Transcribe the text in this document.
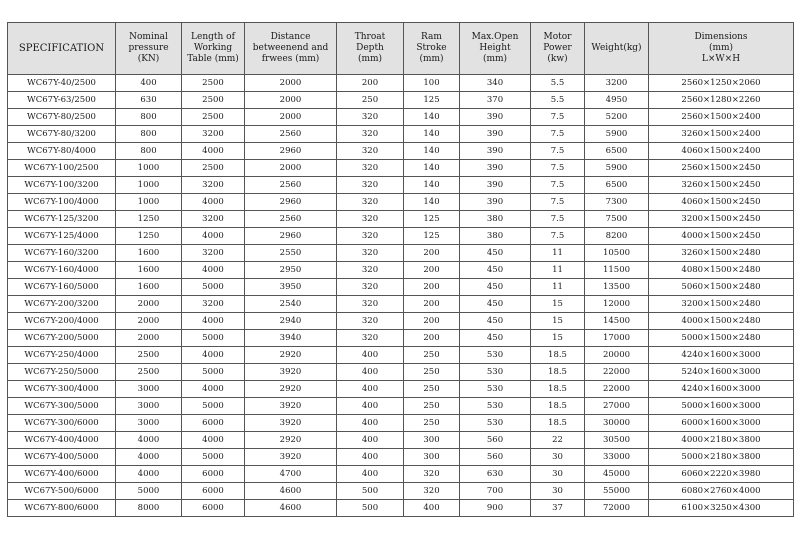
SPECIFICATION	Nominal
pressure
(KN)	Length of
Working
Table (mm)	Distance
betweenend and
frwees (mm)	Throat
Depth
(mm)	Ram
Stroke
(mm)	Max.Open
Height
(mm)	Motor
Power
(kw)	Weight(kg)	Dimensions
(mm)
L×W×H
WC67Y-40/2500	400	2500	2000	200	100	340	5.5	3200	2560×1250×2060
WC67Y-63/2500	630	2500	2000	250	125	370	5.5	4950	2560×1280×2260
WC67Y-80/2500	800	2500	2000	320	140	390	7.5	5200	2560×1500×2400
WC67Y-80/3200	800	3200	2560	320	140	390	7.5	5900	3260×1500×2400
WC67Y-80/4000	800	4000	2960	320	140	390	7.5	6500	4060×1500×2400
WC67Y-100/2500	1000	2500	2000	320	140	390	7.5	5900	2560×1500×2450
WC67Y-100/3200	1000	3200	2560	320	140	390	7.5	6500	3260×1500×2450
WC67Y-100/4000	1000	4000	2960	320	140	390	7.5	7300	4060×1500×2450
WC67Y-125/3200	1250	3200	2560	320	125	380	7.5	7500	3200×1500×2450
WC67Y-125/4000	1250	4000	2960	320	125	380	7.5	8200	4000×1500×2450
WC67Y-160/3200	1600	3200	2550	320	200	450	11	10500	3260×1500×2480
WC67Y-160/4000	1600	4000	2950	320	200	450	11	11500	4080×1500×2480
WC67Y-160/5000	1600	5000	3950	320	200	450	11	13500	5060×1500×2480
WC67Y-200/3200	2000	3200	2540	320	200	450	15	12000	3200×1500×2480
WC67Y-200/4000	2000	4000	2940	320	200	450	15	14500	4000×1500×2480
WC67Y-200/5000	2000	5000	3940	320	200	450	15	17000	5000×1500×2480
WC67Y-250/4000	2500	4000	2920	400	250	530	18.5	20000	4240×1600×3000
WC67Y-250/5000	2500	5000	3920	400	250	530	18.5	22000	5240×1600×3000
WC67Y-300/4000	3000	4000	2920	400	250	530	18.5	22000	4240×1600×3000
WC67Y-300/5000	3000	5000	3920	400	250	530	18.5	27000	5000×1600×3000
WC67Y-300/6000	3000	6000	3920	400	250	530	18.5	30000	6000×1600×3000
WC67Y-400/4000	4000	4000	2920	400	300	560	22	30500	4000×2180×3800
WC67Y-400/5000	4000	5000	3920	400	300	560	30	33000	5000×2180×3800
WC67Y-400/6000	4000	6000	4700	400	320	630	30	45000	6060×2220×3980
WC67Y-500/6000	5000	6000	4600	500	320	700	30	55000	6080×2760×4000
WC67Y-800/6000	8000	6000	4600	500	400	900	37	72000	6100×3250×4300
